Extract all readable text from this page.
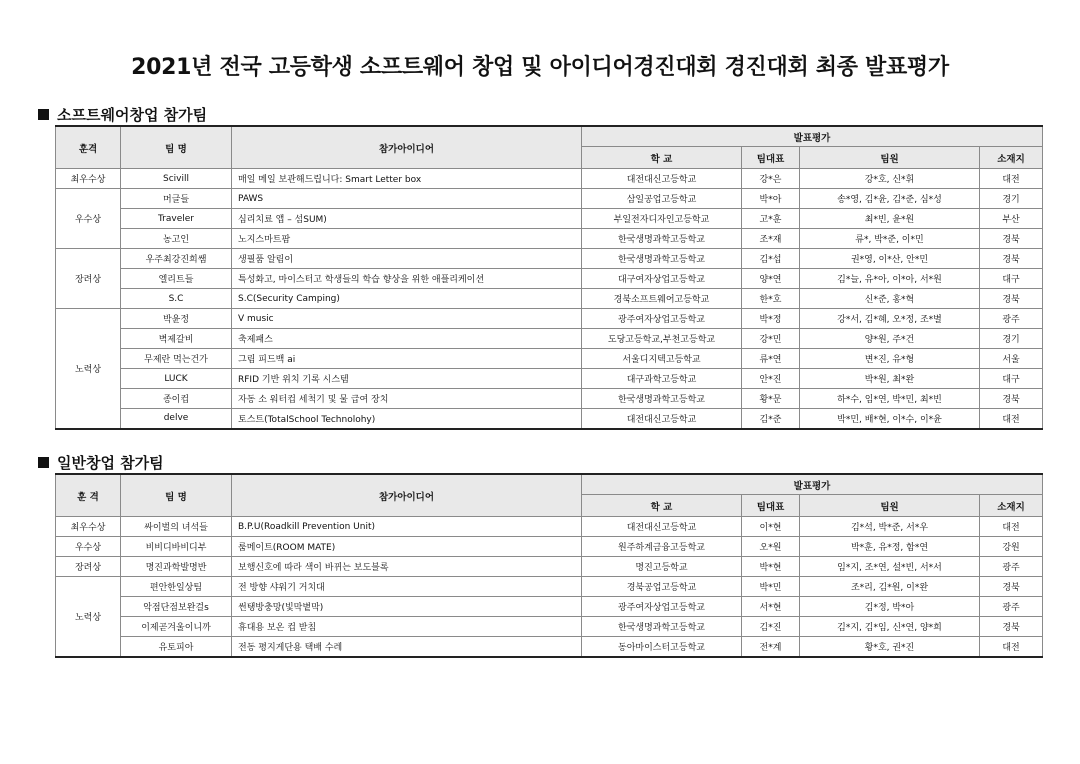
2021년 전국 고등학생 소프트웨어 창업 및 아이디어경진대회 경진대회 최종 발표평가
소프트웨어창업 참가팀
훈격	팀 명	참가아이디어	발표평가			
			학 교	팀대표	팀원	소재지
최우수상	Scivill	매일 메일 보관해드립니다: Smart Letter box	대전대신고등학교	강*은	강*호, 신*휘	대전
우수상	머글들	PAWS	삼일공업고등학교	박*아	송*영, 김*윤, 김*준, 심*성	경기
	Traveler	심리치료 앱 – 섬SUM)	부일전자디자인고등학교	고*훈	최*빈, 윤*원	부산
	농고인	노지스마트팜	한국생명과학고등학교	조*재	류*, 박*준, 이*민	경북
장려상	우주최강진희쌤	생필품 알림이	한국생명과학고등학교	김*섭	권*영, 이*산, 안*민	경북
	엘리트들	특성화고, 마이스터고 학생들의 학습 향상을 위한 애플리케이션	대구여자상업고등학교	양*연	김*늘, 유*아, 이*아, 서*원	대구
	S.C	S.C(Security Camping)	경북소프트웨어고등학교	한*호	신*준, 홍*혁	경북
노력상	박윤정	V music	광주여자상업고등학교	박*정	강*서, 김*혜, 오*정, 조*별	광주
	벽제갈비	축제패스	도당고등학교,부천고등학교	강*민	양*원, 주*건	경기
	무제란 먹는건가	그림 피드백 ai	서울디지텍고등학교	류*연	변*진, 유*형	서울
	LUCK	RFID 기반 위치 기록 시스템	대구과학고등학교	안*진	박*원, 최*완	대구
	종이컵	자동 소 워터컵 세척기 및 물 급여 장치	한국생명과학고등학교	황*문	하*수, 임*연, 박*민, 최*빈	경북
	delve	토스트(TotalSchool Technolohy)	대전대신고등학교	김*준	박*민, 배*현, 이*수, 이*윤	대전
일반창업 참가팀
훈 격	팀 명	참가아이디어	발표평가			
			학 교	팀대표	팀원	소재지
최우수상	싸이벌의 녀석들	B.P.U(Roadkill Prevention Unit)	대전대신고등학교	이*현	김*석, 박*준, 서*우	대전
우수상	비비디바비디부	룸메이트(ROOM MATE)	원주하계금융고등학교	오*원	박*훈, 유*정, 함*연	강원
장려상	명진과학발명반	보행신호에 따라 색이 바뀌는 보도블록	명진고등학교	박*현	임*지, 조*연, 설*빈, 서*서	광주
노력상	편안한일상팀	전 방향 샤워기 거치대	경북공업고등학교	박*민	조*리, 김*원, 이*완	경북
	악점단점보완걸s	썬탱방충망(빛막볕막)	광주여자상업고등학교	서*현	김*정, 박*아	광주
	이제곧겨울이니까	휴대용 보온 컵 받침	한국생명과학고등학교	김*진	김*지, 김*임, 신*연, 양*희	경북
	유토피아	전동 평지게단용 택배 수레	동아마이스터고등학교	전*계	황*호, 권*진	대전
